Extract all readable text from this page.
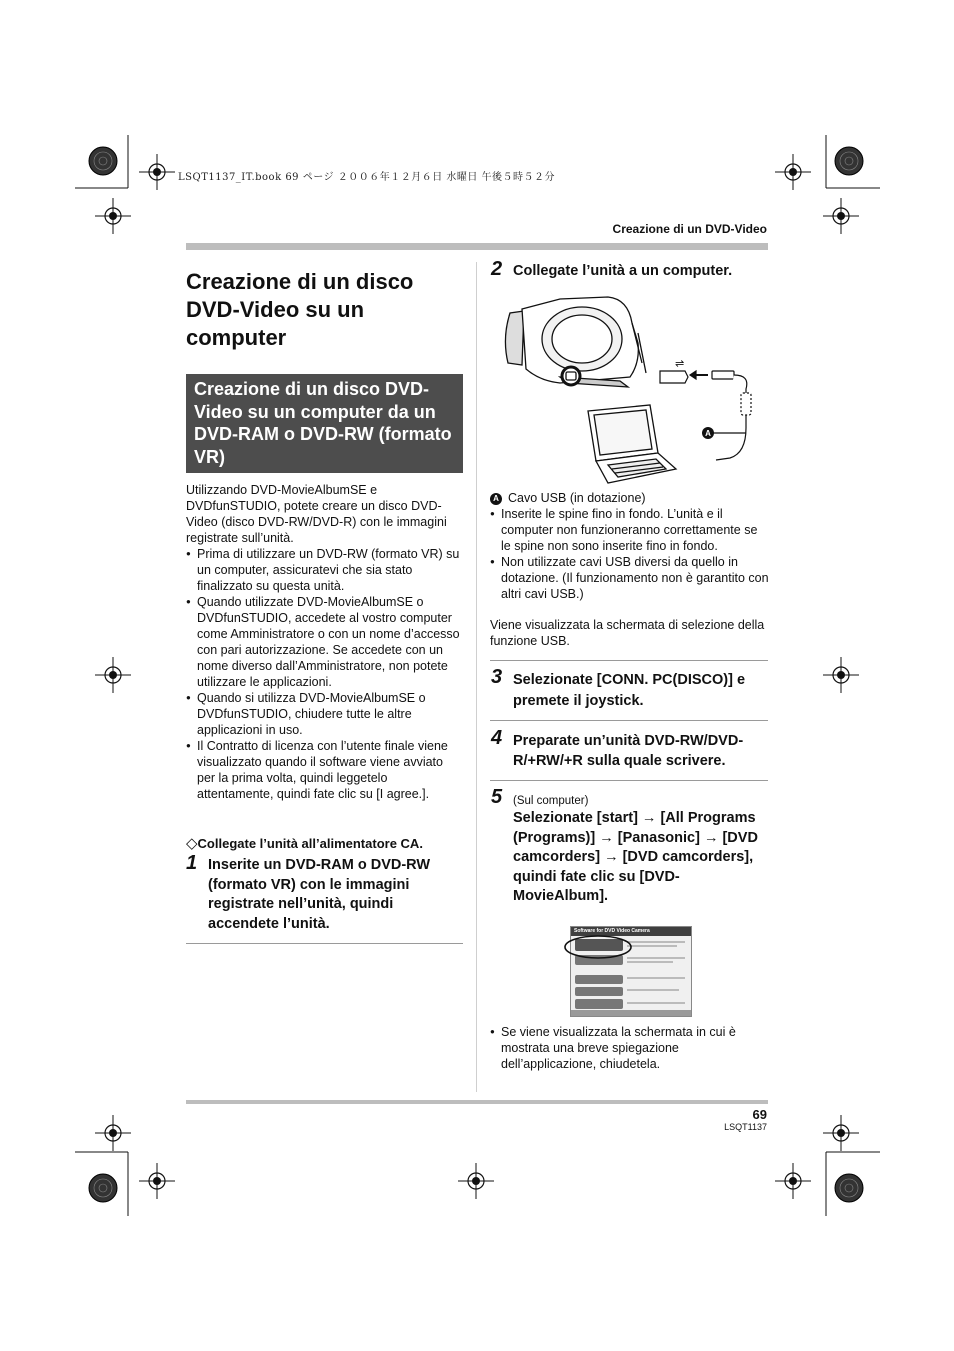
LSQT1137_IT.book 69 ページ ２００６年１２月６日 水曜日 午後５時５２分
Creazione di un DVD-Video
Creazione di un disco DVD-Video su un computer
Creazione di un disco DVD-Video su un computer da un DVD-RAM o DVD-RW (formato VR)
Utilizzando DVD-MovieAlbumSE e DVDfunSTUDIO, potete creare un disco DVD-Video (disco DVD-RW/DVD-R) con le immagini registrate sull’unità.
● Prima di utilizzare un DVD-RW (formato VR) su un computer, assicuratevi che sia stato finalizzato su questa unità.
● Quando utilizzate DVD-MovieAlbumSE o DVDfunSTUDIO, accedete al vostro computer come Amministratore o con un nome d’accesso con pari autorizzazione. Se accedete con un nome diverso dall’Amministratore, non potete utilizzare le applicazioni.
● Quando si utilizza DVD-MovieAlbumSE o DVDfunSTUDIO, chiudere tutte le altre applicazioni in uso.
● Il Contratto di licenza con l’utente finale viene visualizzato quando il software viene avviato per la prima volta, quindi leggetelo attentamente, quindi fate clic su [I agree.].
◇Collegate l’unità all’alimentatore CA.
1 Inserite un DVD-RAM o DVD-RW (formato VR) con le immagini registrate nell’unità, quindi accendete l’unità.
2 Collegate l’unità a un computer.
⇌
A
A Cavo USB (in dotazione)
● Inserite le spine fino in fondo. L’unità e il computer non funzioneranno correttamente se le spine non sono inserite fino in fondo.
● Non utilizzate cavi USB diversi da quello in dotazione. (Il funzionamento non è garantito con altri cavi USB.)
Viene visualizzata la schermata di selezione della funzione USB.
3 Selezionate [CONN. PC(DISCO)] e premete il joystick.
4 Preparate un’unità DVD-RW/DVD-R/+RW/+R sulla quale scrivere.
5 (Sul computer)
Selezionate [start] → [All Programs (Programs)] → [Panasonic] → [DVD camcorders] → [DVD camcorders], quindi fate clic su [DVD-MovieAlbum].
Software for DVD Video Camera
● Se viene visualizzata la schermata in cui è mostrata una breve spiegazione dell’applicazione, chiudetela.
69
LSQT1137
